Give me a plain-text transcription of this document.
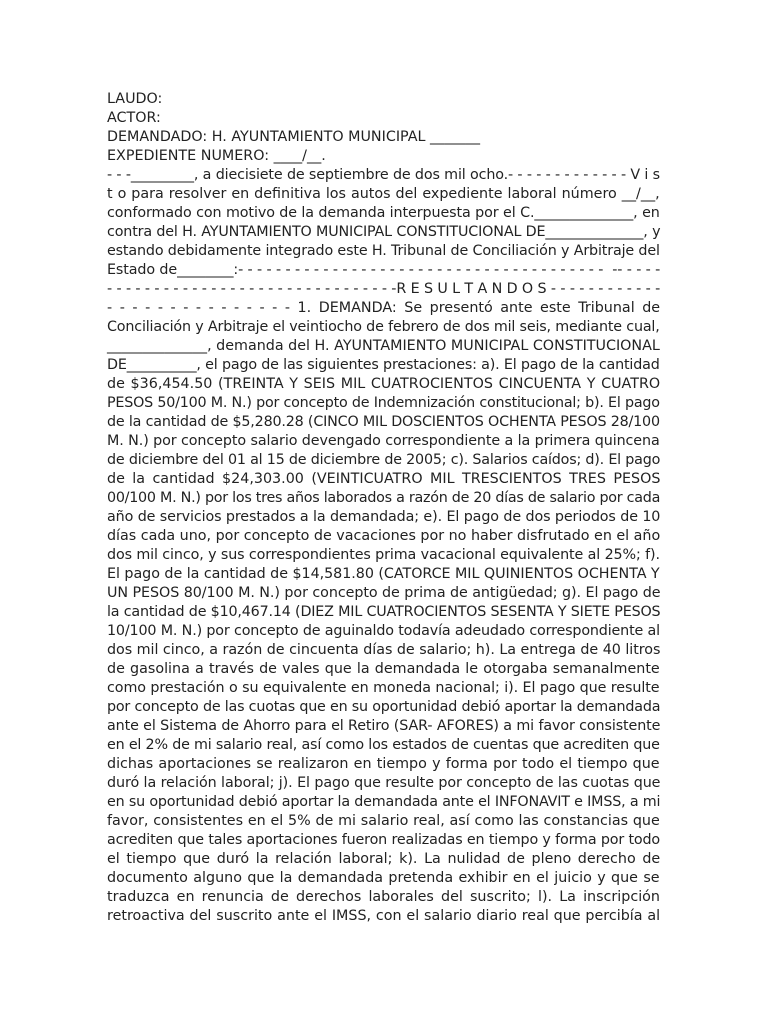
LAUDO:
ACTOR:
DEMANDADO: H. AYUNTAMIENTO MUNICIPAL _______
EXPEDIENTE NUMERO: ____/__.
- - -_________, a diecisiete de septiembre de dos mil ocho.- - - - - - - - - - - - - V i s
t o para resolver en definitiva los autos del expediente laboral número __/__,
conformado con motivo de la demanda interpuesta por el C.______________, en
contra del H. AYUNTAMIENTO MUNICIPAL CONSTITUCIONAL DE______________, y
estando debidamente integrado este H. Tribunal de Conciliación y Arbitraje del
Estado de________:- - - - - - - - - - - - - - - - - - - - - - - - - - - - - - - - - - - - - - -  -- - - - -
- - - - - - - - - - - - - - - - - - - - - - - - - - - - - - -R E S U L T A N D O S - - - - - - - - - - - -
- - - - - - - - - - - - - - - 1. DEMANDA: Se presentó ante este Tribunal de
Conciliación y Arbitraje el veintiocho de febrero de dos mil seis, mediante cual,
______________, demanda del H. AYUNTAMIENTO MUNICIPAL CONSTITUCIONAL
DE__________, el pago de las siguientes prestaciones: a). El pago de la cantidad
de $36,454.50 (TREINTA Y SEIS MIL CUATROCIENTOS CINCUENTA Y CUATRO
PESOS 50/100 M. N.) por concepto de Indemnización constitucional; b). El pago
de la cantidad de $5,280.28 (CINCO MIL DOSCIENTOS OCHENTA PESOS 28/100
M. N.) por concepto salario devengado correspondiente a la primera quincena
de diciembre del 01 al 15 de diciembre de 2005; c). Salarios caídos; d). El pago
de la cantidad $24,303.00 (VEINTICUATRO MIL TRESCIENTOS TRES PESOS
00/100 M. N.) por los tres años laborados a razón de 20 días de salario por cada
año de servicios prestados a la demandada; e). El pago de dos periodos de 10
días cada uno, por concepto de vacaciones por no haber disfrutado en el año
dos mil cinco, y sus correspondientes prima vacacional equivalente al 25%; f).
El pago de la cantidad de $14,581.80 (CATORCE MIL QUINIENTOS OCHENTA Y
UN PESOS 80/100 M. N.) por concepto de prima de antigüedad; g). El pago de
la cantidad de $10,467.14 (DIEZ MIL CUATROCIENTOS SESENTA Y SIETE PESOS
10/100 M. N.) por concepto de aguinaldo todavía adeudado correspondiente al
dos mil cinco, a razón de cincuenta días de salario; h). La entrega de 40 litros
de gasolina a través de vales que la demandada le otorgaba semanalmente
como prestación o su equivalente en moneda nacional; i). El pago que resulte
por concepto de las cuotas que en su oportunidad debió aportar la demandada
ante el Sistema de Ahorro para el Retiro (SAR- AFORES) a mi favor consistente
en el 2% de mi salario real, así como los estados de cuentas que acrediten que
dichas aportaciones se realizaron en tiempo y forma por todo el tiempo que
duró la relación laboral; j). El pago que resulte por concepto de las cuotas que
en su oportunidad debió aportar la demandada ante el INFONAVIT e IMSS, a mi
favor, consistentes en el 5% de mi salario real, así como las constancias que
acrediten que tales aportaciones fueron realizadas en tiempo y forma por todo
el tiempo que duró la relación laboral; k). La nulidad de pleno derecho de
documento alguno que la demandada pretenda exhibir en el juicio y que se
traduzca en renuncia de derechos laborales del suscrito; l). La inscripción
retroactiva del suscrito ante el IMSS, con el salario diario real que percibía al
